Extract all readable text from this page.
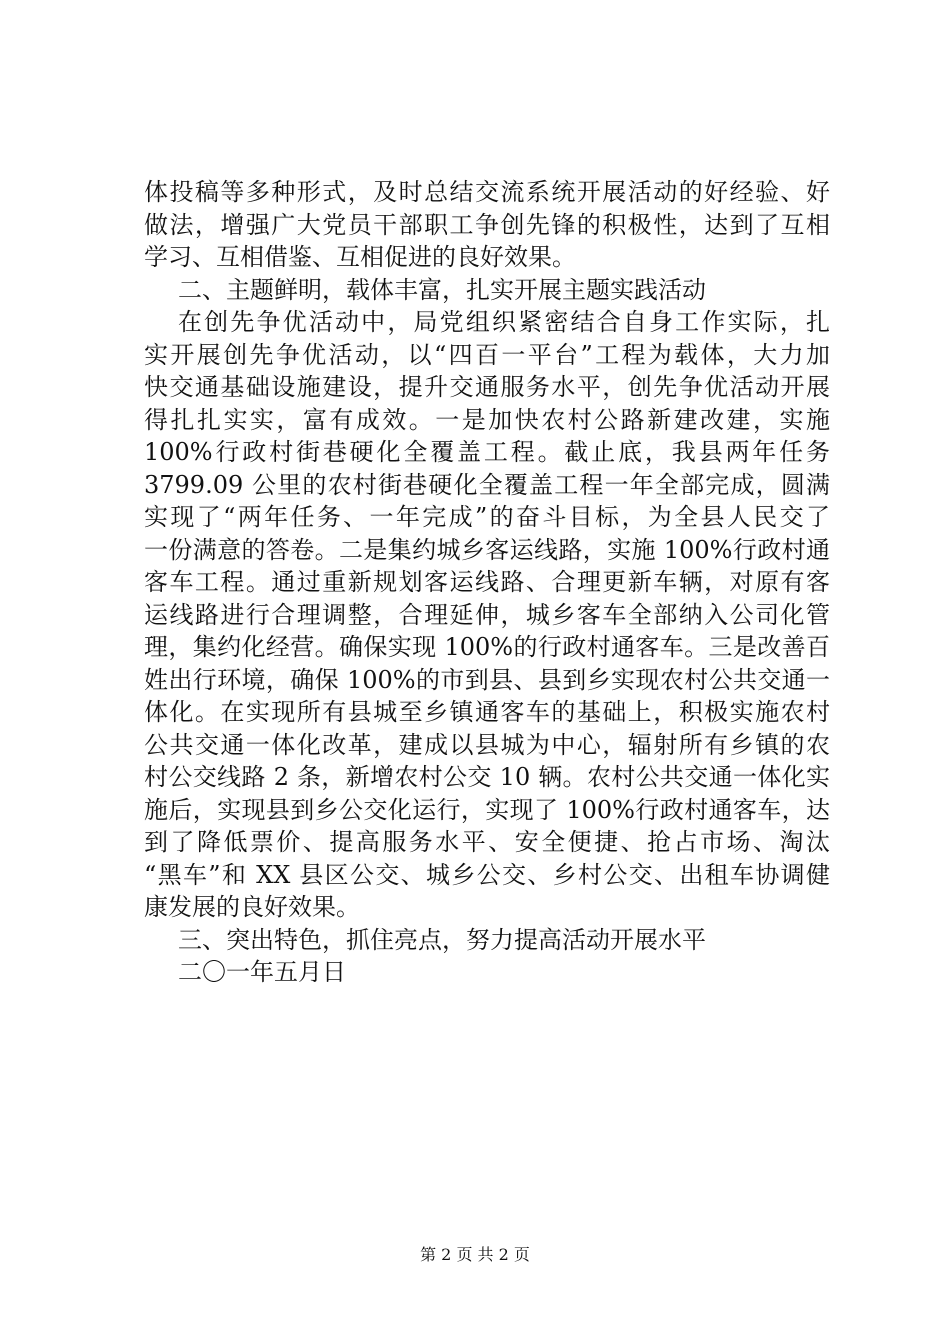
体投稿等多种形式，及时总结交流系统开展活动的好经验、好
做法，增强广大党员干部职工争创先锋的积极性，达到了互相
学习、互相借鉴、互相促进的良好效果。
二、主题鲜明，载体丰富，扎实开展主题实践活动
在创先争优活动中，局党组织紧密结合自身工作实际，扎
实开展创先争优活动，以“四百一平台”工程为载体，大力加
快交通基础设施建设，提升交通服务水平，创先争优活动开展
得扎扎实实，富有成效。一是加快农村公路新建改建，实施
100%行政村街巷硬化全覆盖工程。截止底，我县两年任务
3799.09 公里的农村街巷硬化全覆盖工程一年全部完成，圆满
实现了“两年任务、一年完成”的奋斗目标，为全县人民交了
一份满意的答卷。二是集约城乡客运线路，实施 100%行政村通
客车工程。通过重新规划客运线路、合理更新车辆，对原有客
运线路进行合理调整，合理延伸，城乡客车全部纳入公司化管
理，集约化经营。确保实现 100%的行政村通客车。三是改善百
姓出行环境，确保 100%的市到县、县到乡实现农村公共交通一
体化。在实现所有县城至乡镇通客车的基础上，积极实施农村
公共交通一体化改革，建成以县城为中心，辐射所有乡镇的农
村公交线路 2 条，新增农村公交 10 辆。农村公共交通一体化实
施后，实现县到乡公交化运行，实现了 100%行政村通客车，达
到了降低票价、提高服务水平、安全便捷、抢占市场、淘汰
“黑车”和 XX 县区公交、城乡公交、乡村公交、出租车协调健
康发展的良好效果。
三、突出特色，抓住亮点，努力提高活动开展水平
二〇一年五月日
第 2 页 共 2 页
